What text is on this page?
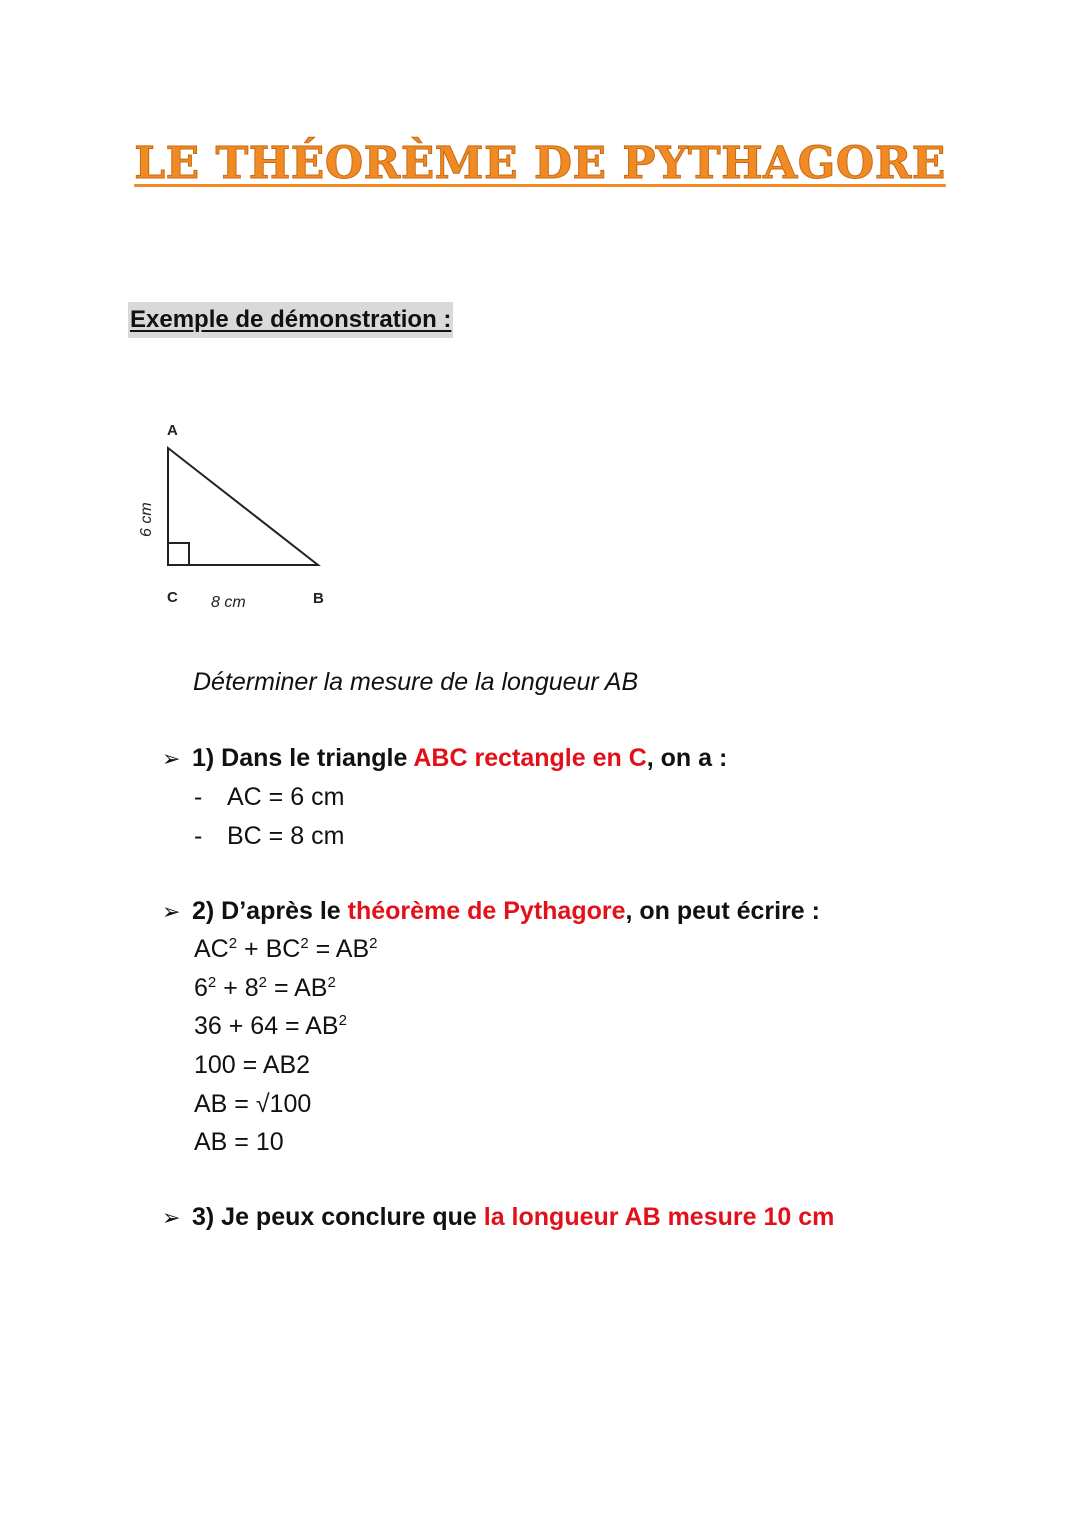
LE THÉORÈME DE PYTHAGORE
Exemple de démonstration :
A
C	B
8 cm
6 cm

Déterminer la mesure de la longueur AB

➢ 1) Dans le triangle ABC rectangle en C, on a :

- AC = 6 cm

- BC = 8 cm

➢ 2) D’après le théorème de Pythagore, on peut écrire :

$AC^2 + BC^2 = AB^2$

$6^2 + 8^2 = AB^2$

$36 + 64 = AB^2$

100 = AB2

AB = √100

AB = 10

➢ 3) Je peux conclure que la longueur AB mesure 10 cm
